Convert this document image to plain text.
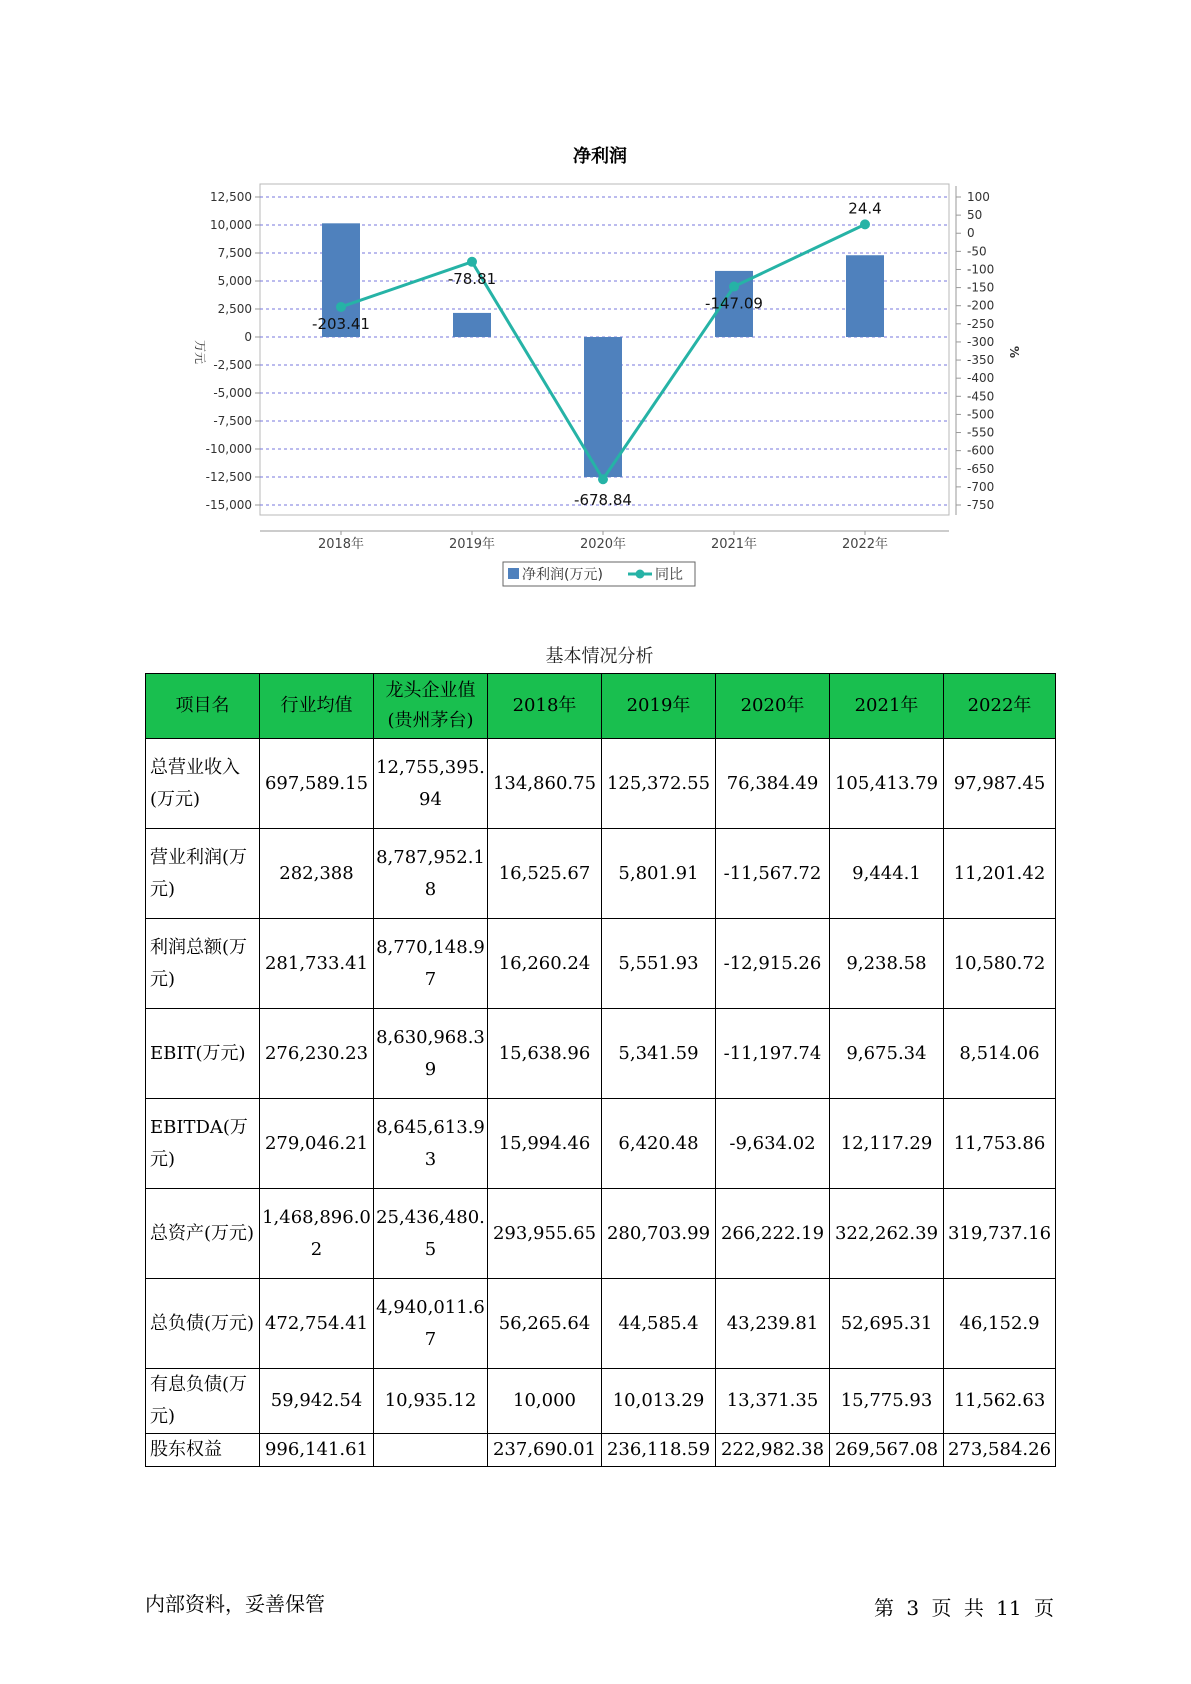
净利润
12,500
10,000
7,500
5,000
2,500
0
-2,500
-5,000
-7,500
-10,000
-12,500
-15,000
100
50
0
-50
-100
-150
-200
-250
-300
-350
-400
-450
-500
-550
-600
-650
-700
-750
万元	%
2018年	2019年	2020年	2021年	2022年
-203.41
-78.81
-678.84
-147.09
24.4
净利润(万元)	同比
基本情况分析
项目名	行业均值	龙头企业值(贵州茅台)	2018年	2019年	2020年	2021年	2022年
总营业收入(万元)	697,589.15	12,755,395.94	134,860.75	125,372.55	76,384.49	105,413.79	97,987.45
营业利润(万元)	282,388	8,787,952.18	16,525.67	5,801.91	-11,567.72	9,444.1	11,201.42
利润总额(万元)	281,733.41	8,770,148.97	16,260.24	5,551.93	-12,915.26	9,238.58	10,580.72
EBIT(万元)	276,230.23	8,630,968.39	15,638.96	5,341.59	-11,197.74	9,675.34	8,514.06
EBITDA(万元)	279,046.21	8,645,613.93	15,994.46	6,420.48	-9,634.02	12,117.29	11,753.86
总资产(万元)	1,468,896.02	25,436,480.5	293,955.65	280,703.99	266,222.19	322,262.39	319,737.16
总负债(万元)	472,754.41	4,940,011.67	56,265.64	44,585.4	43,239.81	52,695.31	46,152.9
有息负债(万元)	59,942.54	10,935.12	10,000	10,013.29	13,371.35	15,775.93	11,562.63
股东权益	996,141.61		237,690.01	236,118.59	222,982.38	269,567.08	273,584.26
内部资料，妥善保管	第 3 页 共 11 页
